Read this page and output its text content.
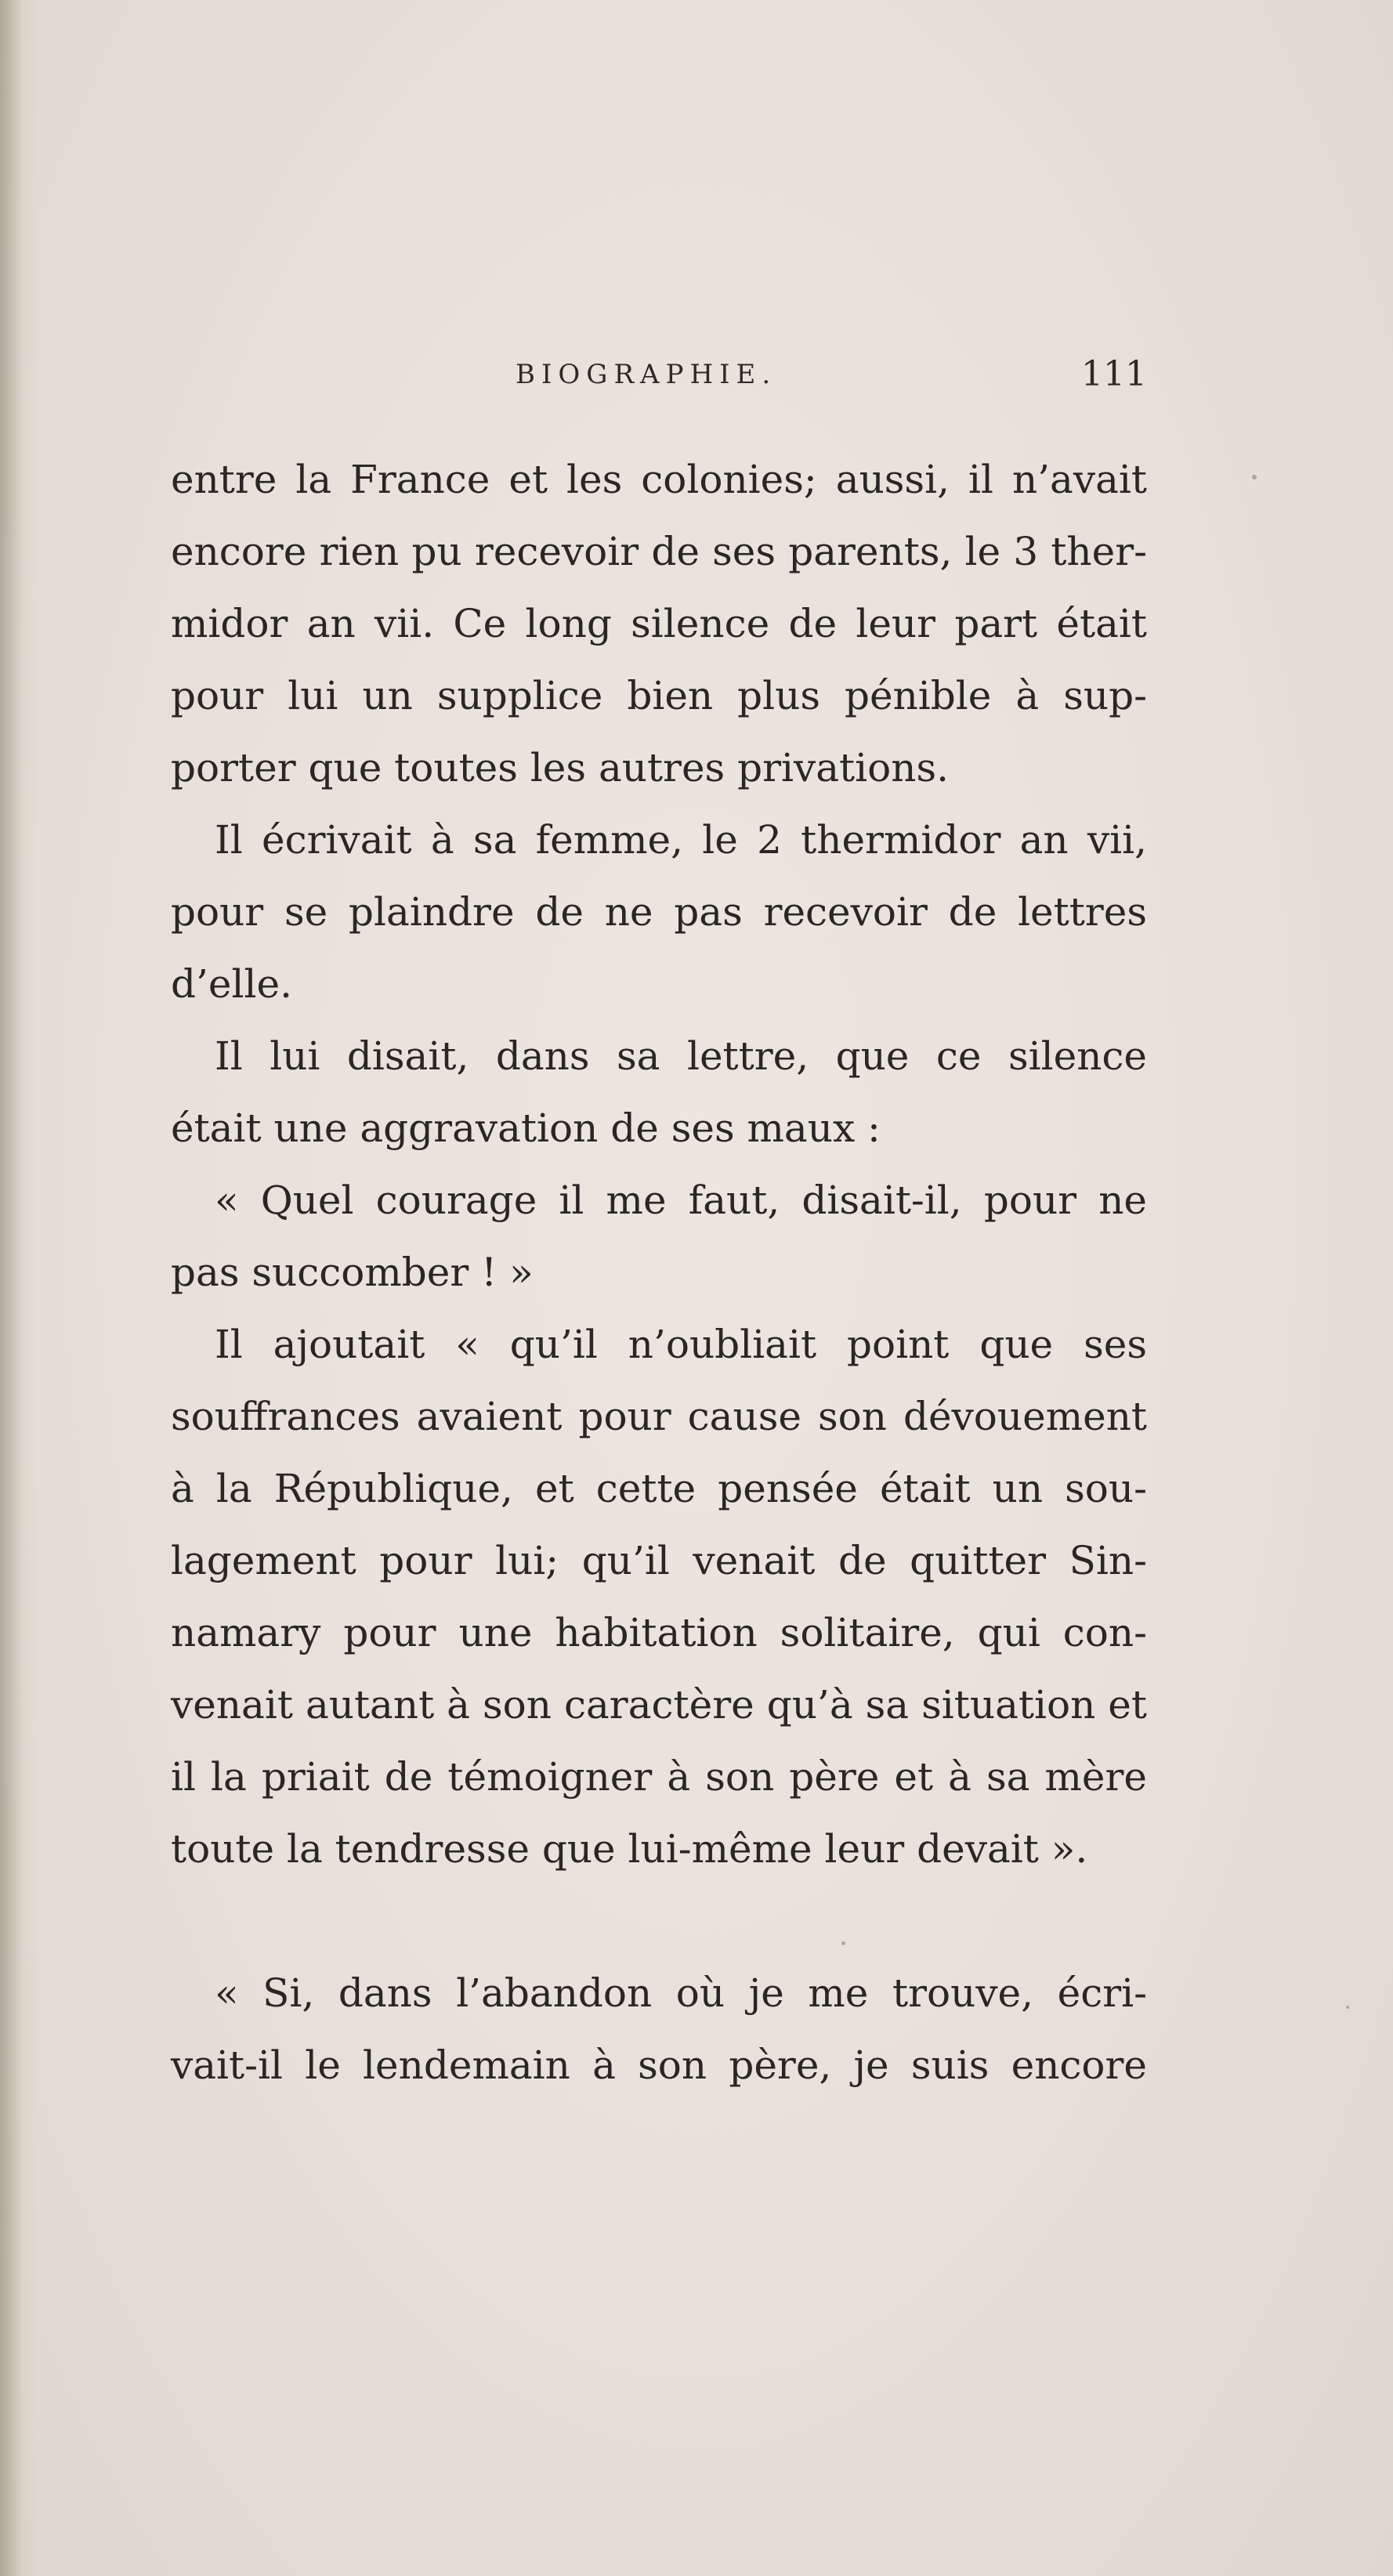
BIOGRAPHIE.	111
entre la France et les colonies; aussi, il n’avait
encore rien pu recevoir de ses parents, le 3 ther-
midor an vii. Ce long silence de leur part était
pour lui un supplice bien plus pénible à sup-
porter que toutes les autres privations.
Il écrivait à sa femme, le 2 thermidor an vii,
pour se plaindre de ne pas recevoir de lettres
d’elle.
Il lui disait, dans sa lettre, que ce silence
était une aggravation de ses maux :
« Quel courage il me faut, disait-il, pour ne
pas succomber ! »
Il ajoutait « qu’il n’oubliait point que ses
souffrances avaient pour cause son dévouement
à la République, et cette pensée était un sou-
lagement pour lui; qu’il venait de quitter Sin-
namary pour une habitation solitaire, qui con-
venait autant à son caractère qu’à sa situation et
il la priait de témoigner à son père et à sa mère
toute la tendresse que lui-même leur devait ».
« Si, dans l’abandon où je me trouve, écri-
vait-il le lendemain à son père, je suis encore
